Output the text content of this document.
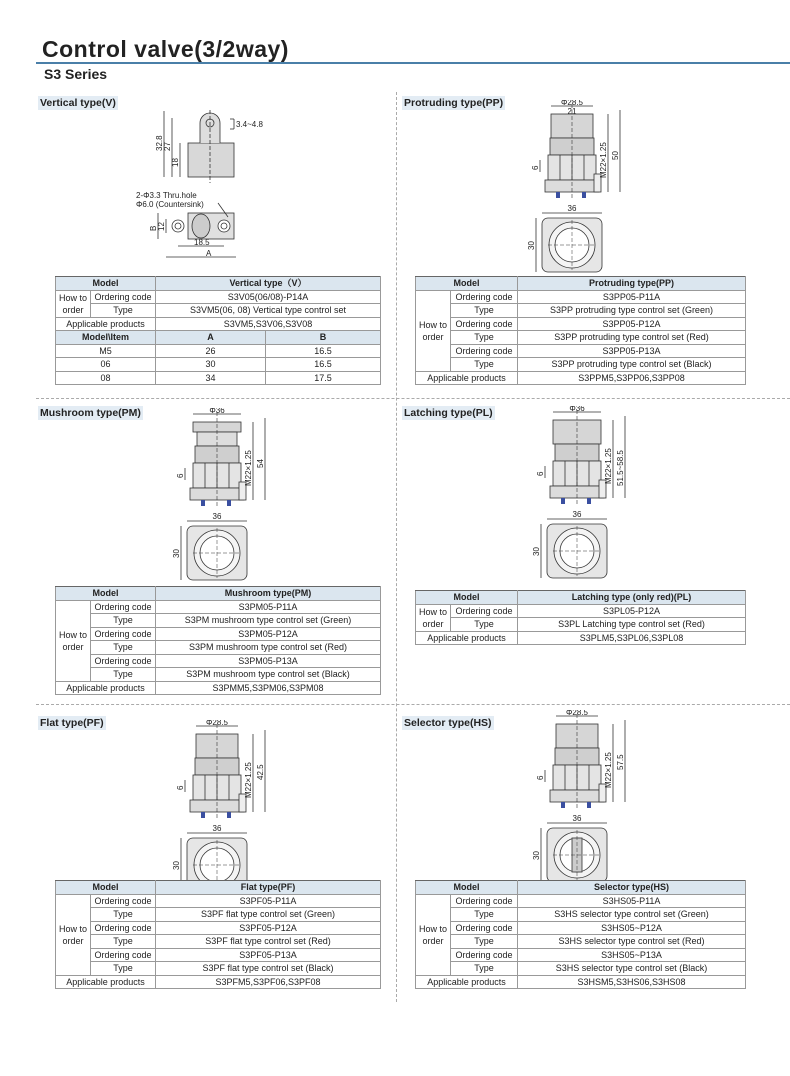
Control valve(3/2way)
S3 Series
Vertical type(V)	Protruding type(PP)
Mushroom type(PM)	Latching type(PL)
Flat type(PF)	Selector type(HS)
3.4~4.8
32.8 27
18
2-Φ3.3 Thru.hole
Φ6.0 (Countersink)
B 12
18.5
A
Φ28.5
21
M22×1.25 50
6
36
30
Φ36
M22×1.25 54
6
36
30
Φ36
M22×1.25 51.5~58.5
6
36
30
Φ28.5
M22×1.25 42.5
6
36
30
Φ28.5
M22×1.25 57.5
6
36
30
Model		Vertical type（V）	
How to order	Ordering code	S3V05(06/08)-P14A	
	Type	S3VM5(06, 08) Vertical type control set	
Applicable products		S3VM5,S3V06,S3V08	
Model\Item		A	B
M5		26	16.5
06		30	16.5
08		34	17.5
Model		Protruding type(PP)
How to order	Ordering code	S3PP05-P11A
	Type	S3PP protruding type control set (Green)
	Ordering code	S3PP05-P12A
	Type	S3PP protruding type control set (Red)
	Ordering code	S3PP05-P13A
	Type	S3PP protruding type control set (Black)
Applicable products		S3PPM5,S3PP06,S3PP08
Model		Mushroom type(PM)
How to order	Ordering code	S3PM05-P11A
	Type	S3PM mushroom type control set (Green)
	Ordering code	S3PM05-P12A
	Type	S3PM mushroom type control set (Red)
	Ordering code	S3PM05-P13A
	Type	S3PM mushroom type control set (Black)
Applicable products		S3PMM5,S3PM06,S3PM08
Model		Latching type (only red)(PL)
How to order	Ordering code	S3PL05-P12A
	Type	S3PL Latching type control set (Red)
Applicable products		S3PLM5,S3PL06,S3PL08
Model		Flat type(PF)
How to order	Ordering code	S3PF05-P11A
	Type	S3PF flat type control set (Green)
	Ordering code	S3PF05-P12A
	Type	S3PF flat type control set (Red)
	Ordering code	S3PF05-P13A
	Type	S3PF flat type control set (Black)
Applicable products		S3PFM5,S3PF06,S3PF08
Model		Selector type(HS)
How to order	Ordering code	S3HS05-P11A
	Type	S3HS selector type control set (Green)
	Ordering code	S3HS05~P12A
	Type	S3HS selector type control set (Red)
	Ordering code	S3HS05~P13A
	Type	S3HS selector type control set (Black)
Applicable products		S3HSM5,S3HS06,S3HS08
